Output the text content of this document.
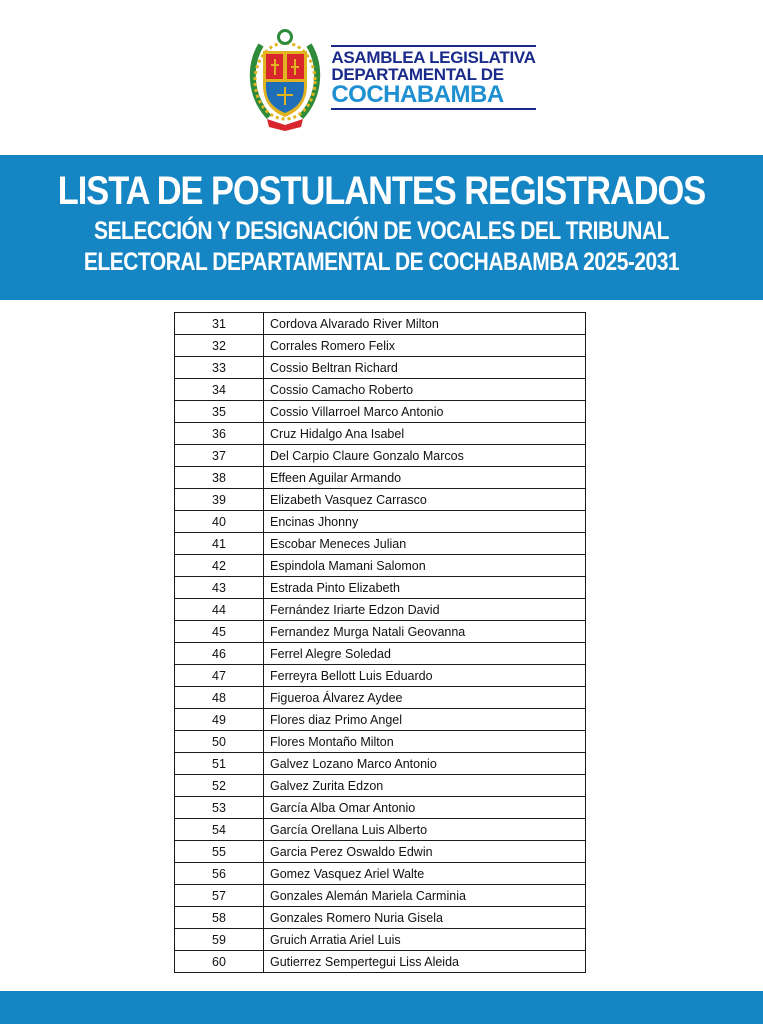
ASAMBLEA LEGISLATIVA
DEPARTAMENTAL DE
COCHABAMBA
LISTA DE POSTULANTES REGISTRADOS
SELECCIÓN Y DESIGNACIÓN DE VOCALES DEL TRIBUNAL
ELECTORAL DEPARTAMENTAL DE COCHABAMBA 2025-2031
31	Cordova Alvarado River Milton
32	Corrales Romero Felix
33	Cossio Beltran Richard
34	Cossio Camacho Roberto
35	Cossio Villarroel Marco Antonio
36	Cruz Hidalgo Ana Isabel
37	Del Carpio Claure Gonzalo Marcos
38	Effeen Aguilar Armando
39	Elizabeth Vasquez Carrasco
40	Encinas Jhonny
41	Escobar Meneces Julian
42	Espindola Mamani Salomon
43	Estrada Pinto Elizabeth
44	Fernández Iriarte Edzon David
45	Fernandez Murga Natali Geovanna
46	Ferrel Alegre Soledad
47	Ferreyra Bellott Luis Eduardo
48	Figueroa Álvarez Aydee
49	Flores diaz Primo Angel
50	Flores Montaño Milton
51	Galvez Lozano Marco Antonio
52	Galvez Zurita Edzon
53	García Alba Omar Antonio
54	García Orellana Luis Alberto
55	Garcia Perez Oswaldo Edwin
56	Gomez Vasquez Ariel Walte
57	Gonzales Alemán Mariela Carminia
58	Gonzales Romero Nuria Gisela
59	Gruich Arratia Ariel Luis
60	Gutierrez Sempertegui Liss Aleida
